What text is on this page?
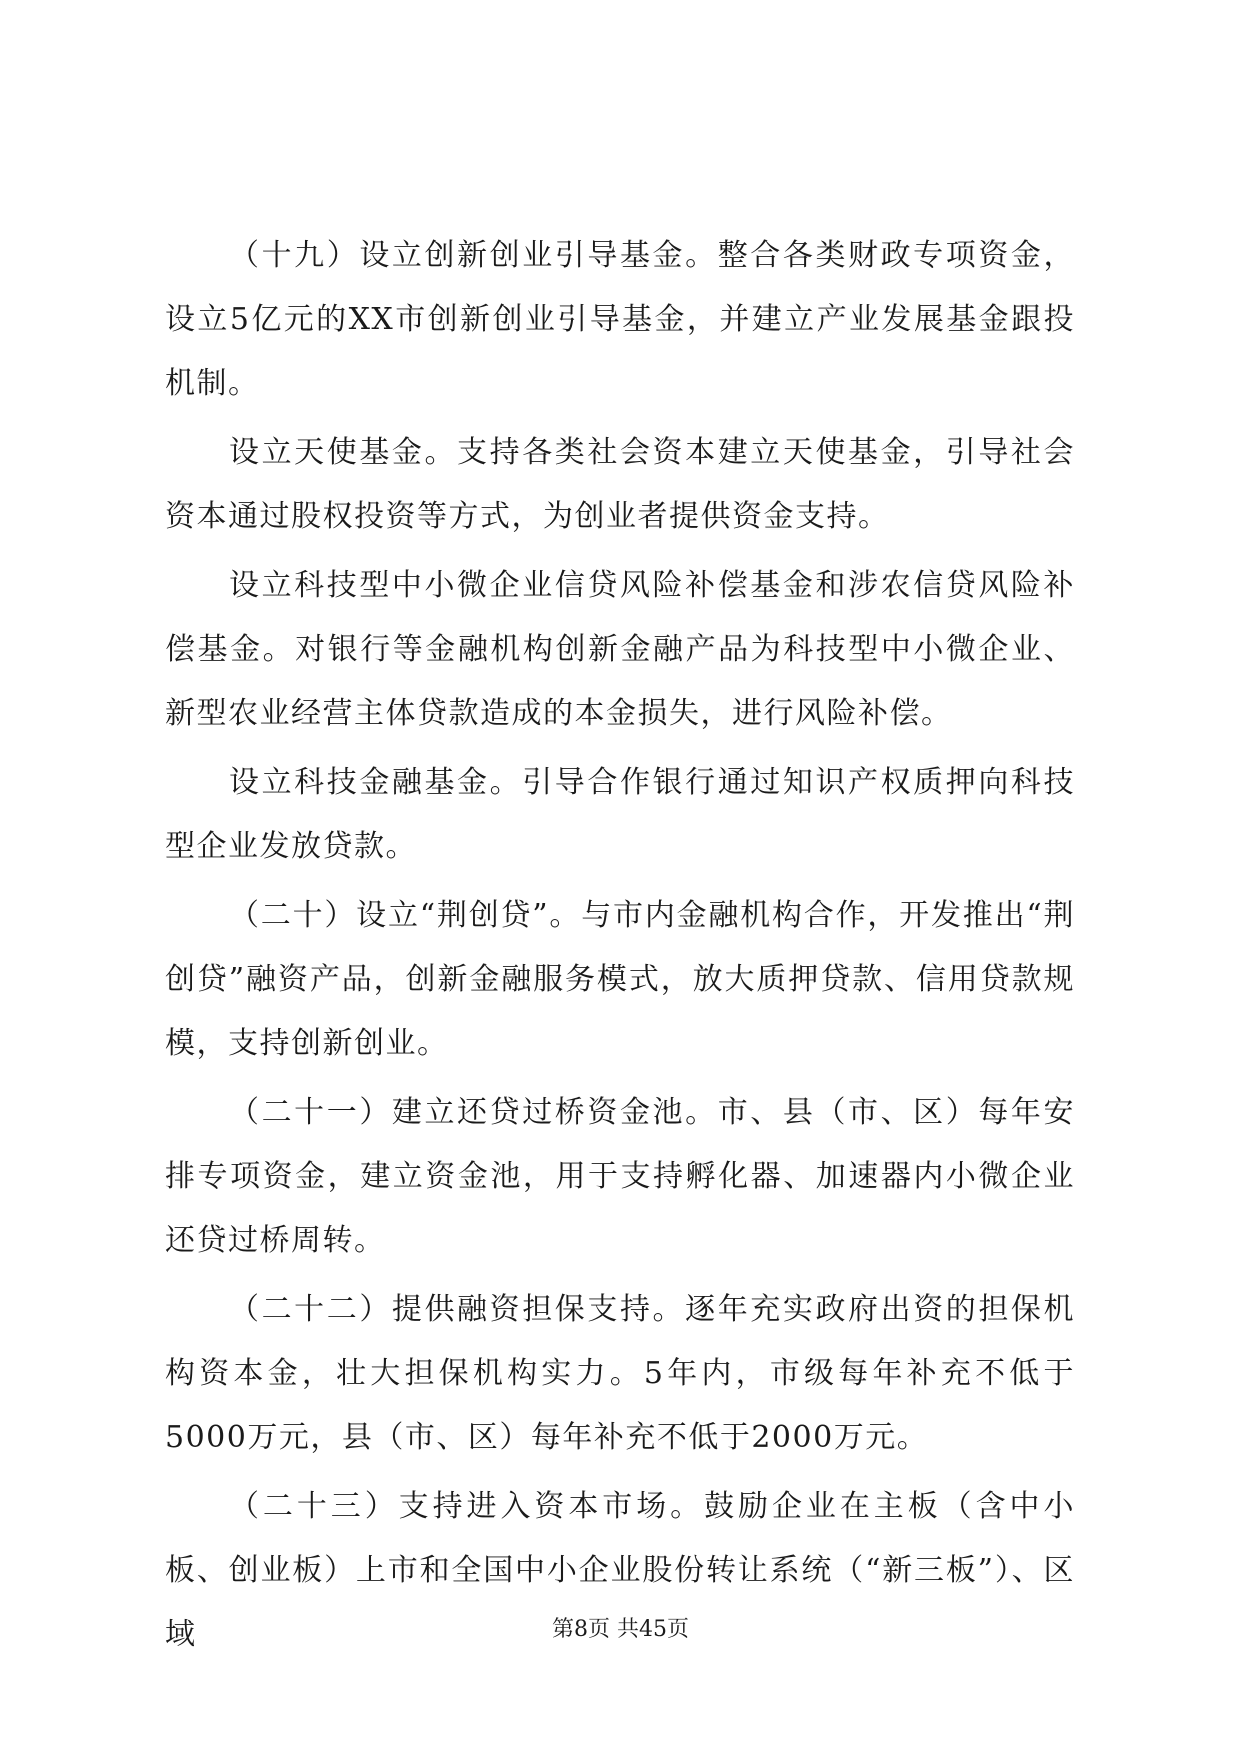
（十九）设立创新创业引导基金。整合各类财政专项资金，设立5亿元的XX市创新创业引导基金，并建立产业发展基金跟投机制。

设立天使基金。支持各类社会资本建立天使基金，引导社会资本通过股权投资等方式，为创业者提供资金支持。

设立科技型中小微企业信贷风险补偿基金和涉农信贷风险补偿基金。对银行等金融机构创新金融产品为科技型中小微企业、新型农业经营主体贷款造成的本金损失，进行风险补偿。

设立科技金融基金。引导合作银行通过知识产权质押向科技型企业发放贷款。

（二十）设立“荆创贷”。与市内金融机构合作，开发推出“荆创贷”融资产品，创新金融服务模式，放大质押贷款、信用贷款规模，支持创新创业。

（二十一）建立还贷过桥资金池。市、县（市、区）每年安排专项资金，建立资金池，用于支持孵化器、加速器内小微企业还贷过桥周转。

（二十二）提供融资担保支持。逐年充实政府出资的担保机构资本金，壮大担保机构实力。5年内，市级每年补充不低于5000万元，县（市、区）每年补充不低于2000万元。

（二十三）支持进入资本市场。鼓励企业在主板（含中小板、创业板）上市和全国中小企业股份转让系统（“新三板”）、区域	第8页 共45页
